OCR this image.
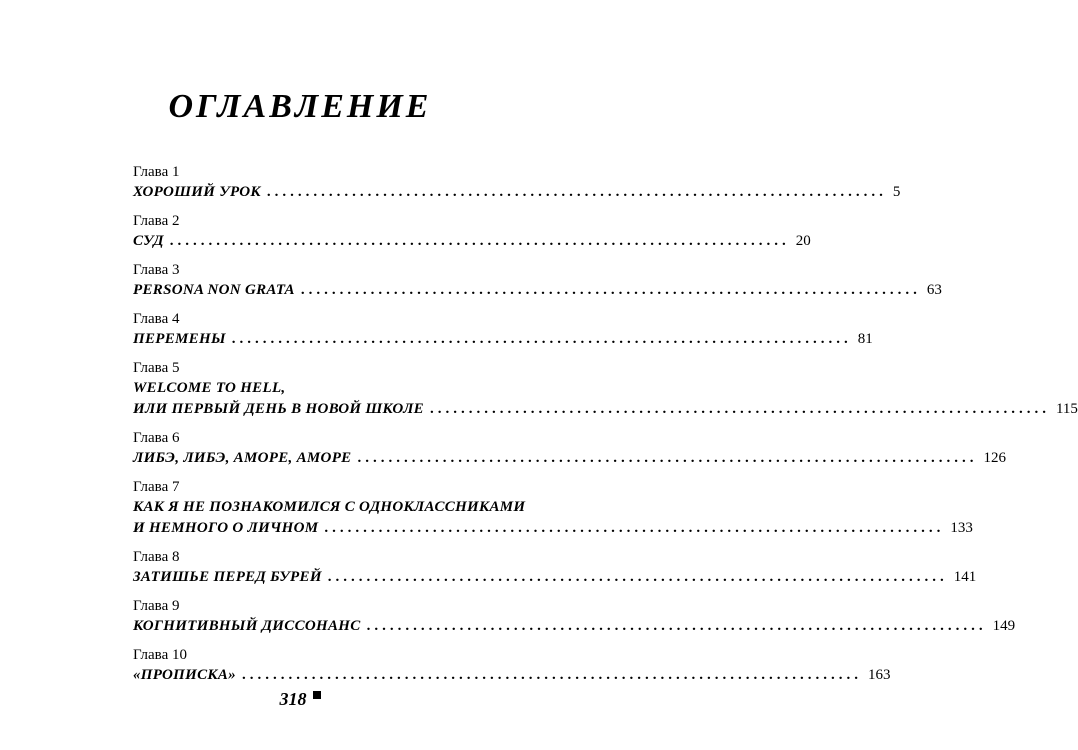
ОГЛАВЛЕНИЕ
Глава 1
ХОРОШИЙ УРОК ................................................................................ 5
Глава 2
СУД ................................................................................ 20
Глава 3
PERSONA NON GRATA ................................................................................ 63
Глава 4
ПЕРЕМЕНЫ ................................................................................ 81
Глава 5
WELCOME TO HELL,
ИЛИ ПЕРВЫЙ ДЕНЬ В НОВОЙ ШКОЛЕ ................................................................................ 115
Глава 6
ЛИБЭ, ЛИБЭ, АМОРЕ, АМОРЕ ................................................................................ 126
Глава 7
КАК Я НЕ ПОЗНАКОМИЛСЯ С ОДНОКЛАССНИКАМИ
И НЕМНОГО О ЛИЧНОМ ................................................................................ 133
Глава 8
ЗАТИШЬЕ ПЕРЕД БУРЕЙ ................................................................................ 141
Глава 9
КОГНИТИВНЫЙ ДИССОНАНС ................................................................................ 149
Глава 10
«ПРОПИСКА» ................................................................................ 163
318
